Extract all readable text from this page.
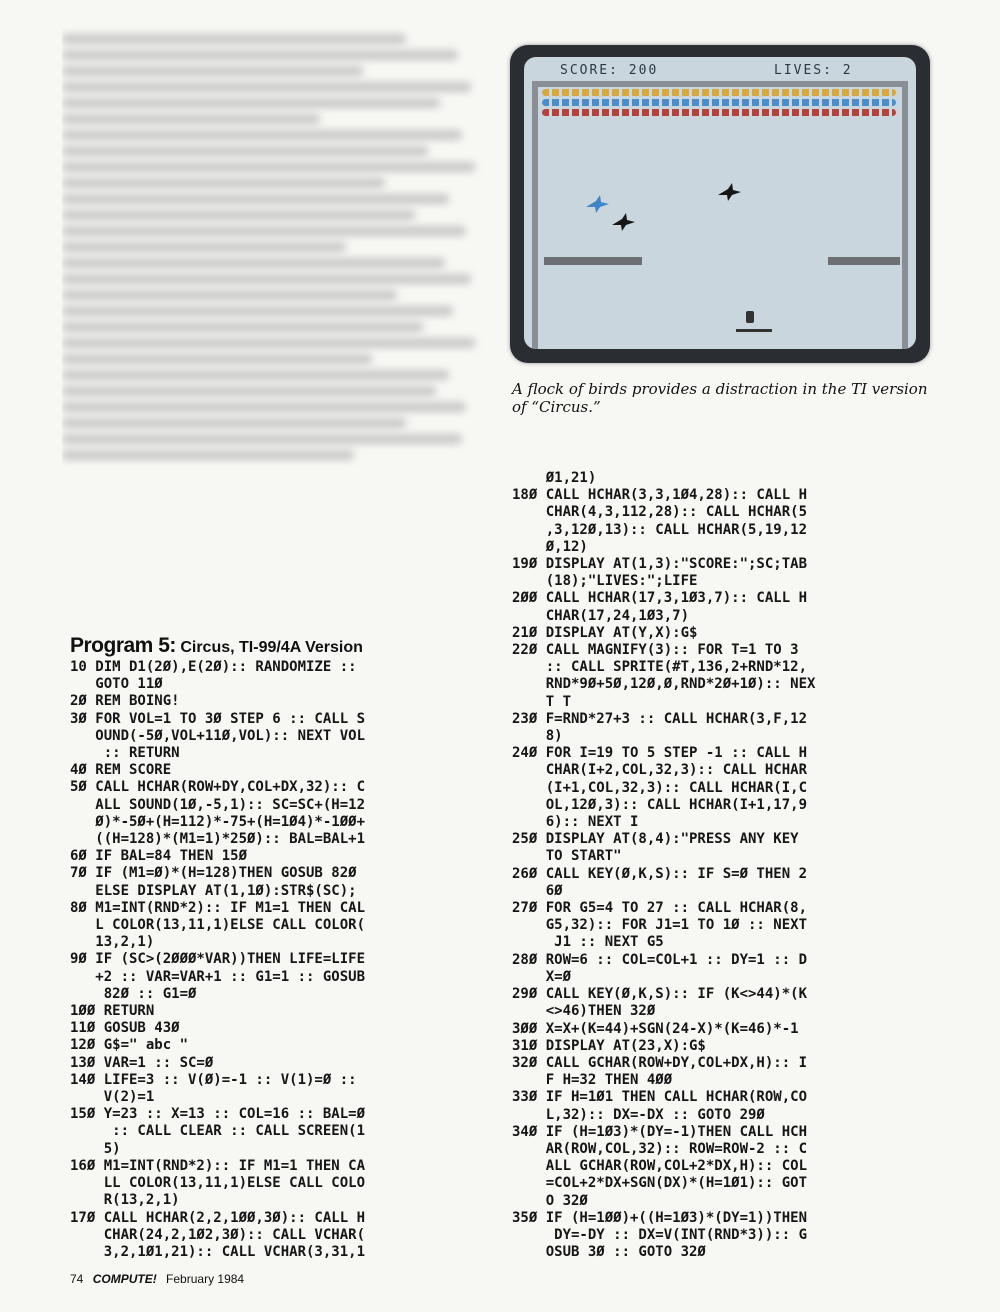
SCORE: 200	LIVES: 2
A flock of birds provides a distraction in the TI version of “Circus.”
Program 5: Circus, TI-99/4A Version
10 DIM D1(2Ø),E(2Ø):: RANDOMIZE ::
GOTO 11Ø
2Ø REM BOING!
3Ø FOR VOL=1 TO 3Ø STEP 6 :: CALL S
OUND(-5Ø,VOL+11Ø,VOL):: NEXT VOL
:: RETURN
4Ø REM SCORE
5Ø CALL HCHAR(ROW+DY,COL+DX,32):: C
ALL SOUND(1Ø,-5,1):: SC=SC+(H=12
Ø)*-5Ø+(H=112)*-75+(H=1Ø4)*-1ØØ+
((H=128)*(M1=1)*25Ø):: BAL=BAL+1
6Ø IF BAL=84 THEN 15Ø
7Ø IF (M1=Ø)*(H=128)THEN GOSUB 82Ø
ELSE DISPLAY AT(1,1Ø):STR$(SC);
8Ø M1=INT(RND*2):: IF M1=1 THEN CAL
L COLOR(13,11,1)ELSE CALL COLOR(
13,2,1)
9Ø IF (SC>(2ØØØ*VAR))THEN LIFE=LIFE
+2 :: VAR=VAR+1 :: G1=1 :: GOSUB
82Ø :: G1=Ø
1ØØ RETURN
11Ø GOSUB 43Ø
12Ø G$=" abc "
13Ø VAR=1 :: SC=Ø
14Ø LIFE=3 :: V(Ø)=-1 :: V(1)=Ø ::
V(2)=1
15Ø Y=23 :: X=13 :: COL=16 :: BAL=Ø
:: CALL CLEAR :: CALL SCREEN(1
5)
16Ø M1=INT(RND*2):: IF M1=1 THEN CA
LL COLOR(13,11,1)ELSE CALL COLO
R(13,2,1)
17Ø CALL HCHAR(2,2,1ØØ,3Ø):: CALL H
CHAR(24,2,1Ø2,3Ø):: CALL VCHAR(
3,2,1Ø1,21):: CALL VCHAR(3,31,1

Ø1,21)
18Ø CALL HCHAR(3,3,1Ø4,28):: CALL H
CHAR(4,3,112,28):: CALL HCHAR(5
,3,12Ø,13):: CALL HCHAR(5,19,12
Ø,12)
19Ø DISPLAY AT(1,3):"SCORE:";SC;TAB
(18);"LIVES:";LIFE
2ØØ CALL HCHAR(17,3,1Ø3,7):: CALL H
CHAR(17,24,1Ø3,7)
21Ø DISPLAY AT(Y,X):G$
22Ø CALL MAGNIFY(3):: FOR T=1 TO 3
:: CALL SPRITE(#T,136,2+RND*12,
RND*9Ø+5Ø,12Ø,Ø,RND*2Ø+1Ø):: NEX
T T
23Ø F=RND*27+3 :: CALL HCHAR(3,F,12
8)
24Ø FOR I=19 TO 5 STEP -1 :: CALL H
CHAR(I+2,COL,32,3):: CALL HCHAR
(I+1,COL,32,3):: CALL HCHAR(I,C
OL,12Ø,3):: CALL HCHAR(I+1,17,9
6):: NEXT I
25Ø DISPLAY AT(8,4):"PRESS ANY KEY
TO START"
26Ø CALL KEY(Ø,K,S):: IF S=Ø THEN 2
6Ø
27Ø FOR G5=4 TO 27 :: CALL HCHAR(8,
G5,32):: FOR J1=1 TO 1Ø :: NEXT
J1 :: NEXT G5
28Ø ROW=6 :: COL=COL+1 :: DY=1 :: D
X=Ø
29Ø CALL KEY(Ø,K,S):: IF (K<>44)*(K
<>46)THEN 32Ø
3ØØ X=X+(K=44)+SGN(24-X)*(K=46)*-1
31Ø DISPLAY AT(23,X):G$
32Ø CALL GCHAR(ROW+DY,COL+DX,H):: I
F H=32 THEN 4ØØ
33Ø IF H=1Ø1 THEN CALL HCHAR(ROW,CO
L,32):: DX=-DX :: GOTO 29Ø
34Ø IF (H=1Ø3)*(DY=-1)THEN CALL HCH
AR(ROW,COL,32):: ROW=ROW-2 :: C
ALL GCHAR(ROW,COL+2*DX,H):: COL
=COL+2*DX+SGN(DX)*(H=1Ø1):: GOT
O 32Ø
35Ø IF (H=1ØØ)+((H=1Ø3)*(DY=1))THEN
DY=-DY :: DX=V(INT(RND*3)):: G
OSUB 3Ø :: GOTO 32Ø

74 COMPUTE! February 1984
